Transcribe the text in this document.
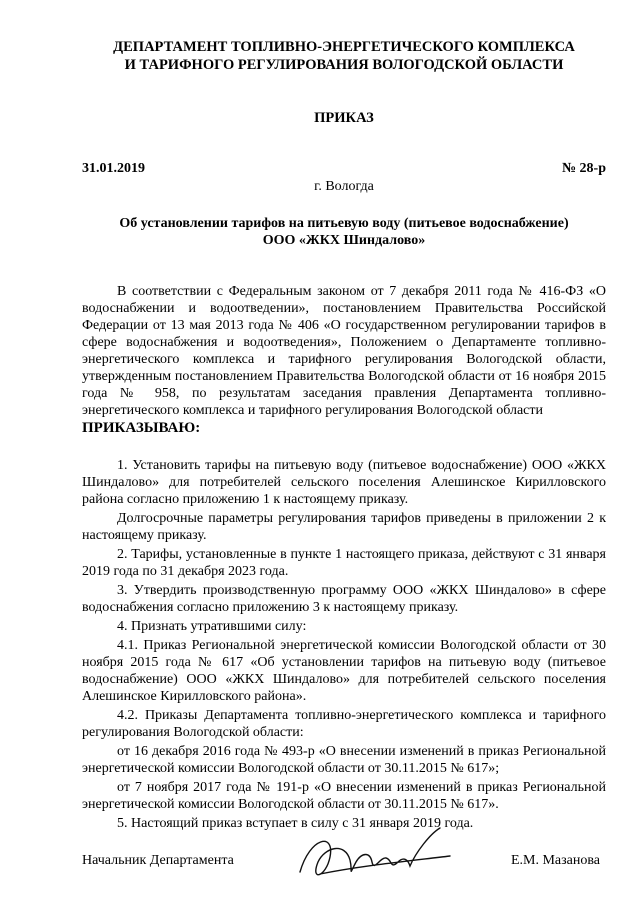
ДЕПАРТАМЕНТ ТОПЛИВНО-ЭНЕРГЕТИЧЕСКОГО КОМПЛЕКСА
И ТАРИФНОГО РЕГУЛИРОВАНИЯ ВОЛОГОДСКОЙ ОБЛАСТИ
ПРИКАЗ
31.01.2019	№ 28-р
г. Вологда
Об установлении тарифов на питьевую воду (питьевое водоснабжение)
ООО «ЖКХ Шиндалово»

В соответствии с Федеральным законом от 7 декабря 2011 года № 416-ФЗ «О водоснабжении и водоотведении», постановлением Правительства Российской Федерации от 13 мая 2013 года № 406 «О государственном регулировании тарифов в сфере водоснабжения и водоотведения», Положением о Департаменте топливно-энергетического комплекса и тарифного регулирования Вологодской области, утвержденным постановлением Правительства Вологодской области от 16 ноября 2015 года № 958, по результатам заседания правления Департамента топливно-энергетического комплекса и тарифного регулирования Вологодской области

ПРИКАЗЫВАЮ:

1. Установить тарифы на питьевую воду (питьевое водоснабжение) ООО «ЖКХ Шиндалово» для потребителей сельского поселения Алешинское Кирилловского района согласно приложению 1 к настоящему приказу.

Долгосрочные параметры регулирования тарифов приведены в приложении 2 к настоящему приказу.

2. Тарифы, установленные в пункте 1 настоящего приказа, действуют с 31 января 2019 года по 31 декабря 2023 года.

3. Утвердить производственную программу ООО «ЖКХ Шиндалово» в сфере водоснабжения согласно приложению 3 к настоящему приказу.

4. Признать утратившими силу:

4.1. Приказ Региональной энергетической комиссии Вологодской области от 30 ноября 2015 года № 617 «Об установлении тарифов на питьевую воду (питьевое водоснабжение) ООО «ЖКХ Шиндалово» для потребителей сельского поселения Алешинское Кирилловского района».

4.2. Приказы Департамента топливно-энергетического комплекса и тарифного регулирования Вологодской области:

от 16 декабря 2016 года № 493-р «О внесении изменений в приказ Региональной энергетической комиссии Вологодской области от 30.11.2015 № 617»;

от 7 ноября 2017 года № 191-р «О внесении изменений в приказ Региональной энергетической комиссии Вологодской области от 30.11.2015 № 617».

5. Настоящий приказ вступает в силу с 31 января 2019 года.

Начальник Департамента	Е.М. Мазанова
